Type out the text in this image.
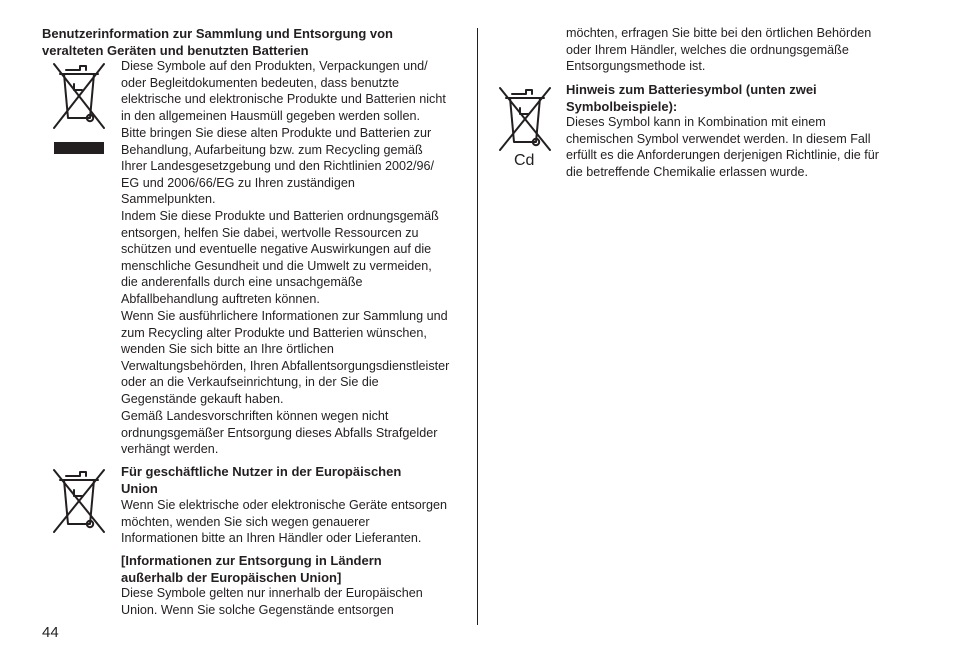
Benutzerinformation zur Sammlung und Entsorgung von
veralteten Geräten und benutzten Batterien
Diese Symbole auf den Produkten, Verpackungen und/
oder Begleitdokumenten bedeuten, dass benutzte
elektrische und elektronische Produkte und Batterien nicht
in den allgemeinen Hausmüll gegeben werden sollen.
Bitte bringen Sie diese alten Produkte und Batterien zur
Behandlung, Aufarbeitung bzw. zum Recycling gemäß
Ihrer Landesgesetzgebung und den Richtlinien 2002/96/
EG und 2006/66/EG zu Ihren zuständigen
Sammelpunkten.
Indem Sie diese Produkte und Batterien ordnungsgemäß
entsorgen, helfen Sie dabei, wertvolle Ressourcen zu
schützen und eventuelle negative Auswirkungen auf die
menschliche Gesundheit und die Umwelt zu vermeiden,
die anderenfalls durch eine unsachgemäße
Abfallbehandlung auftreten können.
Wenn Sie ausführlichere Informationen zur Sammlung und
zum Recycling alter Produkte und Batterien wünschen,
wenden Sie sich bitte an Ihre örtlichen
Verwaltungsbehörden, Ihren Abfallentsorgungsdienstleister
oder an die Verkaufseinrichtung, in der Sie die
Gegenstände gekauft haben.
Gemäß Landesvorschriften können wegen nicht
ordnungsgemäßer Entsorgung dieses Abfalls Strafgelder
verhängt werden.
Für geschäftliche Nutzer in der Europäischen
Union
Wenn Sie elektrische oder elektronische Geräte entsorgen
möchten, wenden Sie sich wegen genauerer
Informationen bitte an Ihren Händler oder Lieferanten.
[Informationen zur Entsorgung in Ländern
außerhalb der Europäischen Union]
Diese Symbole gelten nur innerhalb der Europäischen
Union. Wenn Sie solche Gegenstände entsorgen
44
möchten, erfragen Sie bitte bei den örtlichen Behörden
oder Ihrem Händler, welches die ordnungsgemäße
Entsorgungsmethode ist.
Cd
Hinweis zum Batteriesymbol (unten zwei
Symbolbeispiele):
Dieses Symbol kann in Kombination mit einem
chemischen Symbol verwendet werden. In diesem Fall
erfüllt es die Anforderungen derjenigen Richtlinie, die für
die betreffende Chemikalie erlassen wurde.
